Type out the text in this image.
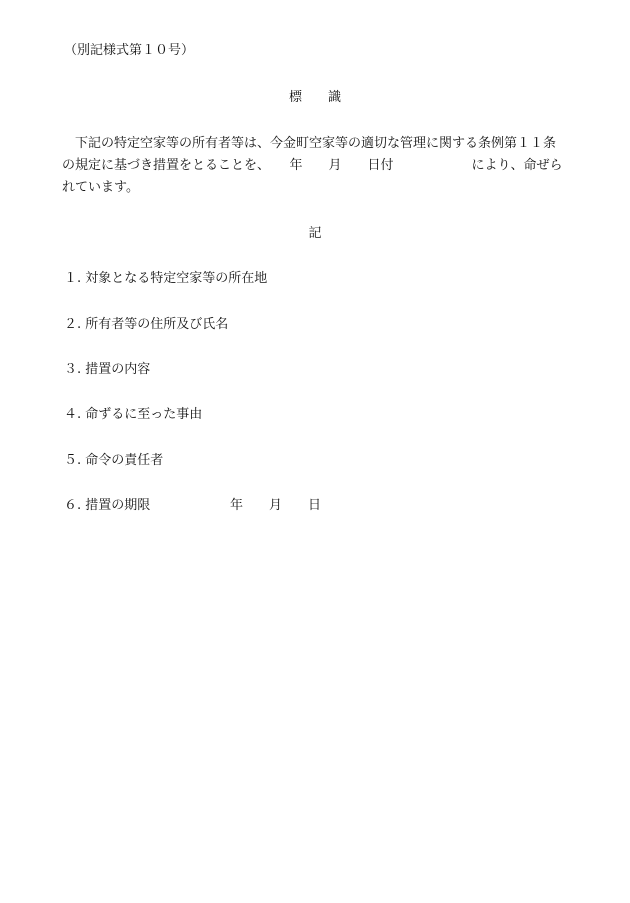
（別記様式第１０号）
標　　識
　下記の特定空家等の所有者等は、今金町空家等の適切な管理に関する条例第１１条
の規定に基づき措置をとることを、　　年　　月　　日付　　　　　　により、命ぜら
れています。
記
１. 対象となる特定空家等の所在地
２. 所有者等の住所及び氏名
３. 措置の内容
４. 命ずるに至った事由
５. 命令の責任者
６. 措置の期限	年　　月　　日
